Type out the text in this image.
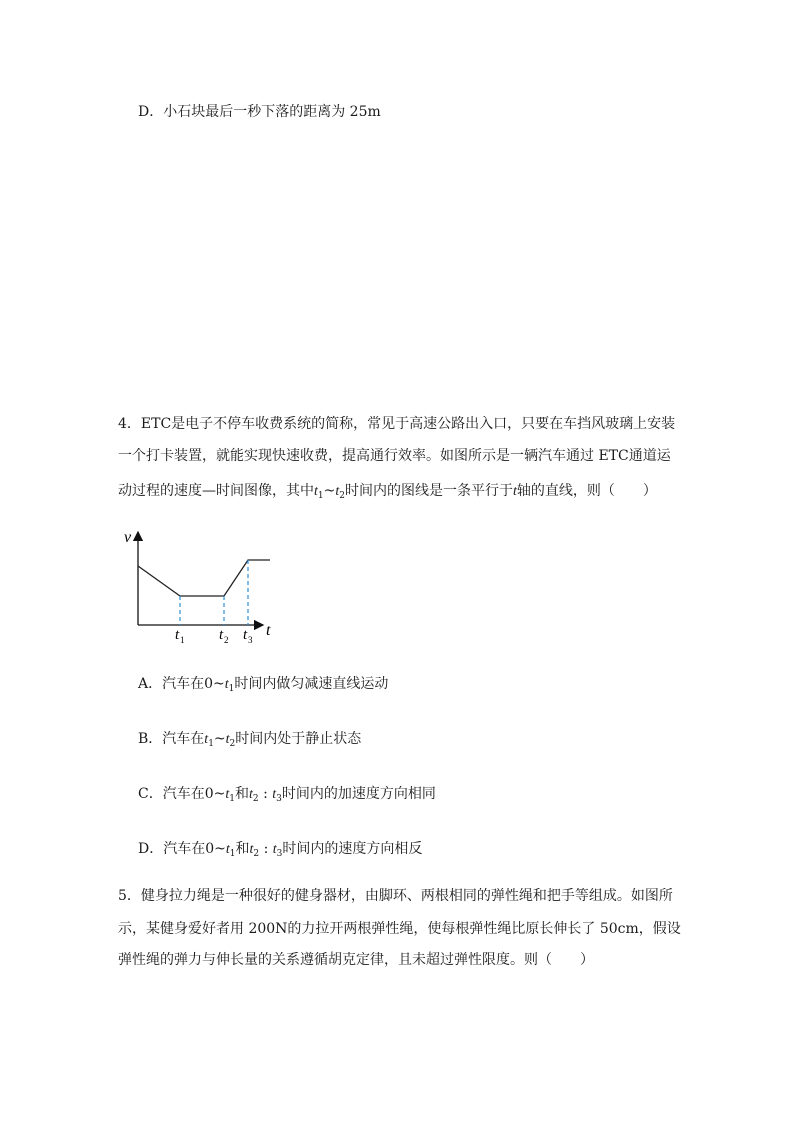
D．小石块最后一秒下落的距离为 25m
4．ETC是电子不停车收费系统的简称，常见于高速公路出入口，只要在车挡风玻璃上安装
一个打卡装置，就能实现快速收费，提高通行效率。如图所示是一辆汽车通过 ETC通道运
动过程的速度—时间图像，其中$t_1\sim t_2$时间内的图线是一条平行于t轴的直线，则（　　）
v
t
t 1 t 2 t 3
A．汽车在$0\sim t_1$时间内做匀减速直线运动
B．汽车在$t_1\sim t_2$时间内处于静止状态
C．汽车在$0\sim t_1$和$t_2$ : $t_3$时间内的加速度方向相同
D．汽车在$0\sim t_1$和$t_2$ : $t_3$时间内的速度方向相反
5．健身拉力绳是一种很好的健身器材，由脚环、两根相同的弹性绳和把手等组成。如图所
示，某健身爱好者用 200N的力拉开两根弹性绳，使每根弹性绳比原长伸长了 50cm，假设
弹性绳的弹力与伸长量的关系遵循胡克定律，且未超过弹性限度。则（　　）
